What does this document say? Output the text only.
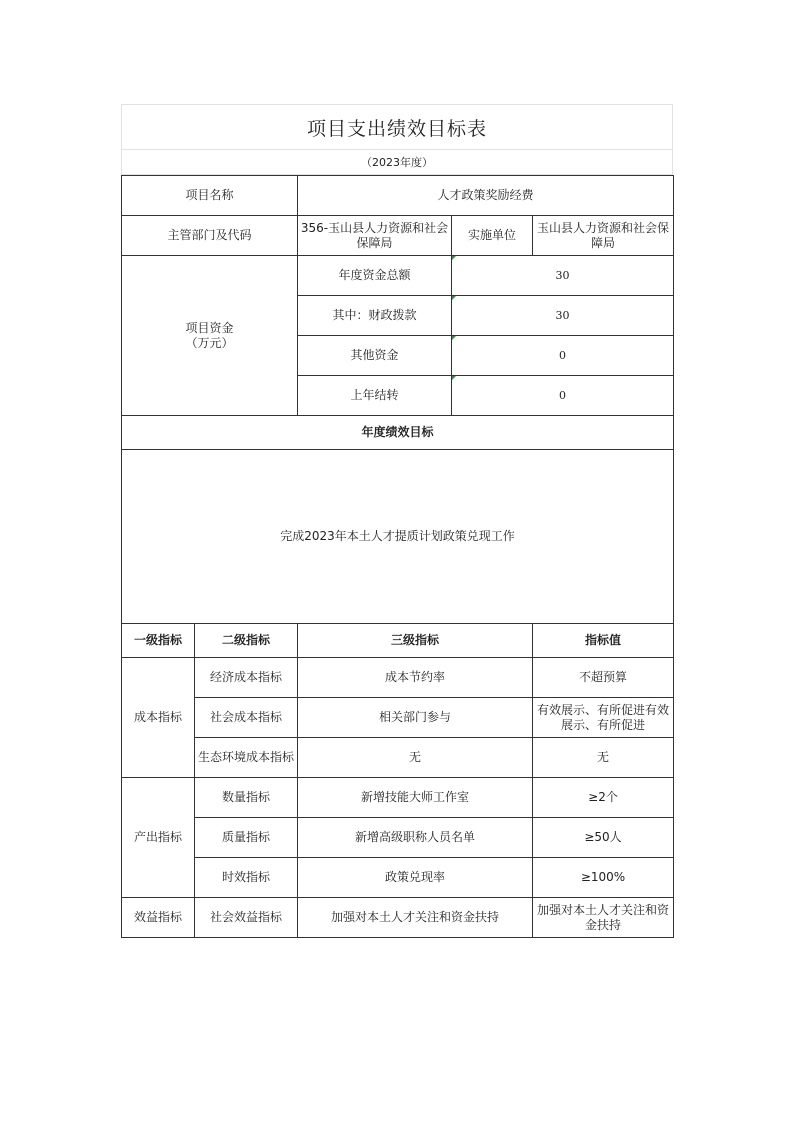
项目支出绩效目标表
（2023年度）
项目名称		人才政策奖励经费		
主管部门及代码		356-玉山县人力资源和社会保障局	实施单位	玉山县人力资源和社会保障局

项目资金
（万元）		年度资金总额	30	
		其中：财政拨款	30	
		其他资金	0	
		上年结转	0	
年度绩效目标				
完成2023年本土人才提质计划政策兑现工作				
一级指标	二级指标	三级指标		指标值
成本指标	经济成本指标	成本节约率		不超预算
	社会成本指标	相关部门参与		有效展示、有所促进有效展示、有所促进
	生态环境成本指标	无		无
产出指标	数量指标	新增技能大师工作室		≥2个
	质量指标	新增高级职称人员名单		≥50人
	时效指标	政策兑现率		≥100%
效益指标	社会效益指标	加强对本土人才关注和资金扶持		加强对本土人才关注和资金扶持
